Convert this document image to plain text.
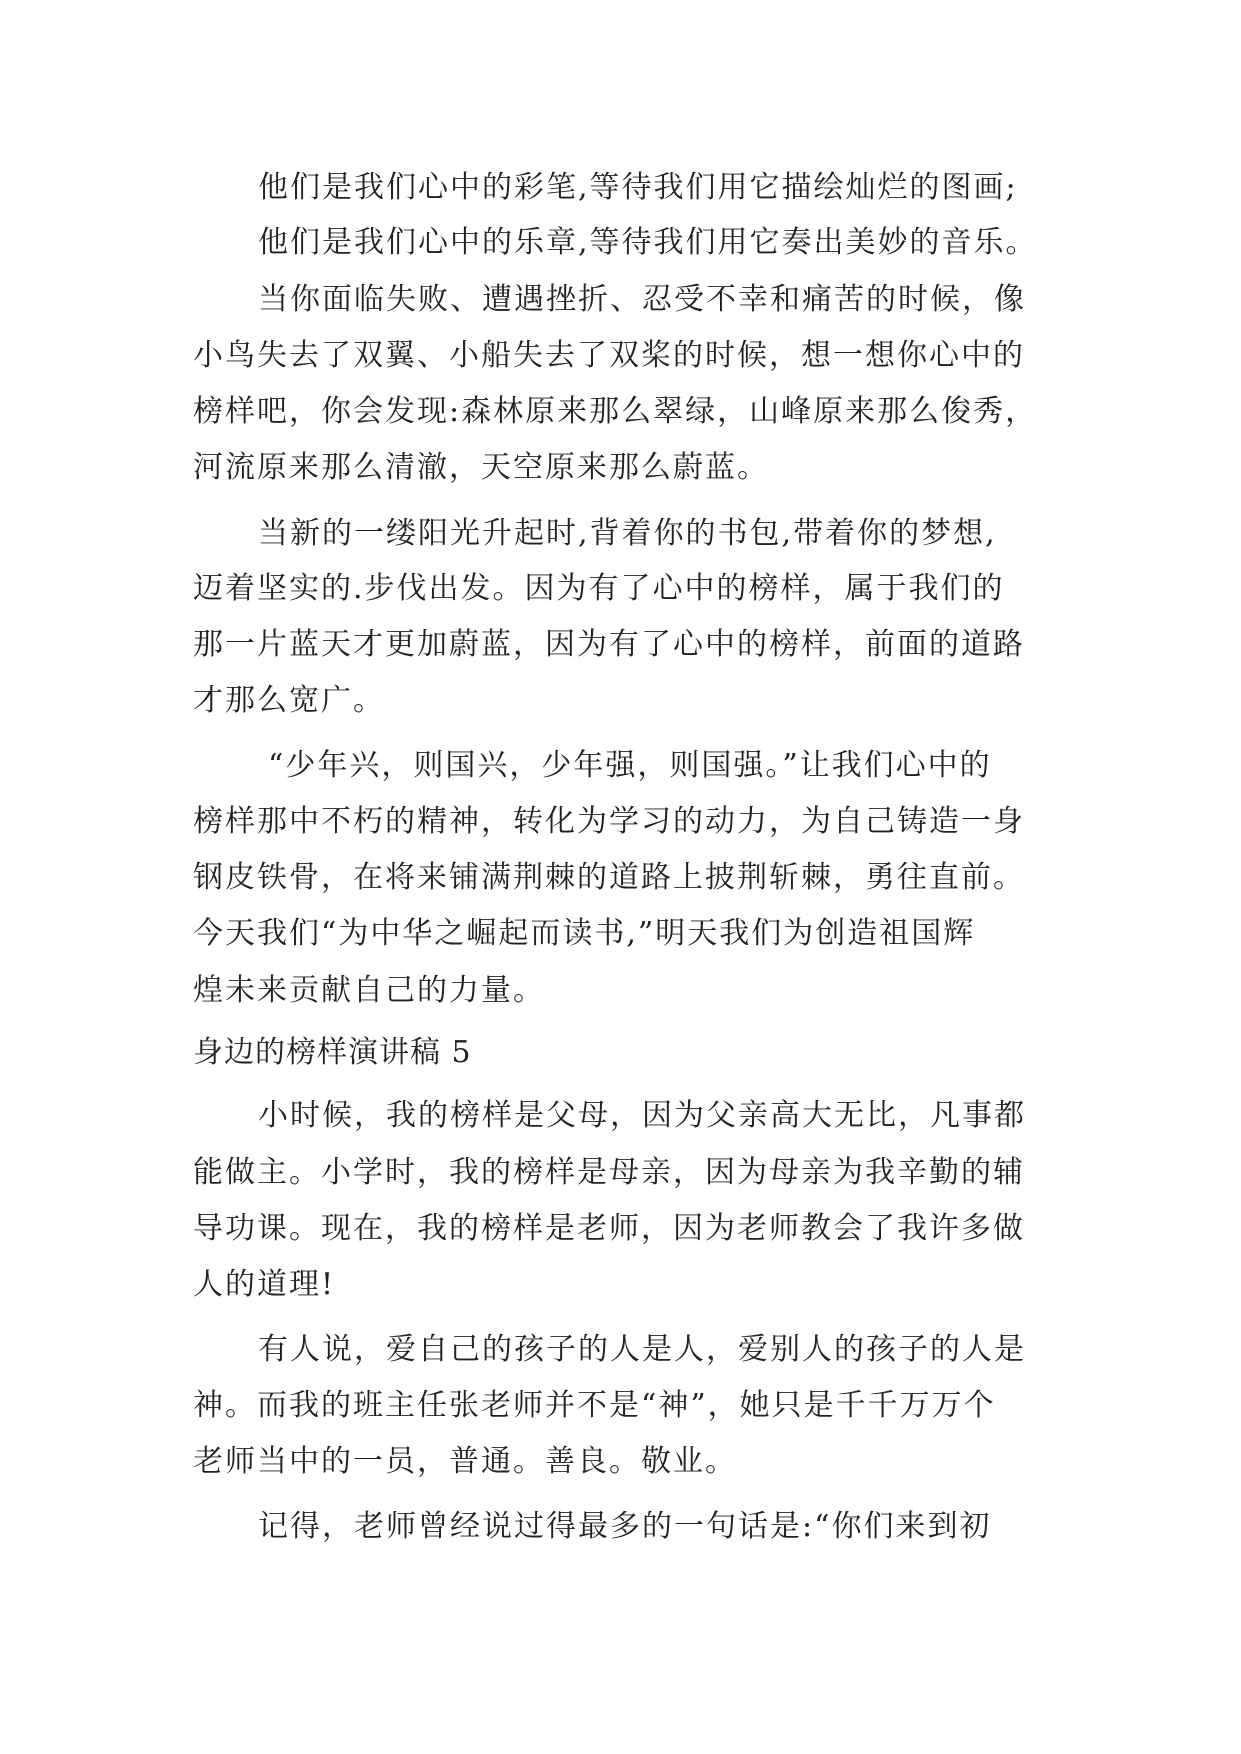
他们是我们心中的彩笔,等待我们用它描绘灿烂的图画;
他们是我们心中的乐章,等待我们用它奏出美妙的音乐。
当你面临失败、遭遇挫折、忍受不幸和痛苦的时候，像
小鸟失去了双翼、小船失去了双桨的时候，想一想你心中的
榜样吧，你会发现:森林原来那么翠绿，山峰原来那么俊秀，
河流原来那么清澈，天空原来那么蔚蓝。
当新的一缕阳光升起时,背着你的书包,带着你的梦想,
迈着坚实的.步伐出发。因为有了心中的榜样，属于我们的
那一片蓝天才更加蔚蓝，因为有了心中的榜样，前面的道路
才那么宽广。
“少年兴，则国兴，少年强，则国强。”让我们心中的
榜样那中不朽的精神，转化为学习的动力，为自己铸造一身
钢皮铁骨，在将来铺满荆棘的道路上披荆斩棘，勇往直前。
今天我们“为中华之崛起而读书,”明天我们为创造祖国辉
煌未来贡献自己的力量。
身边的榜样演讲稿 5
小时候，我的榜样是父母，因为父亲高大无比，凡事都
能做主。小学时，我的榜样是母亲，因为母亲为我辛勤的辅
导功课。现在，我的榜样是老师，因为老师教会了我许多做
人的道理!
有人说，爱自己的孩子的人是人，爱别人的孩子的人是
神。而我的班主任张老师并不是“神”，她只是千千万万个
老师当中的一员，普通。善良。敬业。
记得，老师曾经说过得最多的一句话是:“你们来到初
